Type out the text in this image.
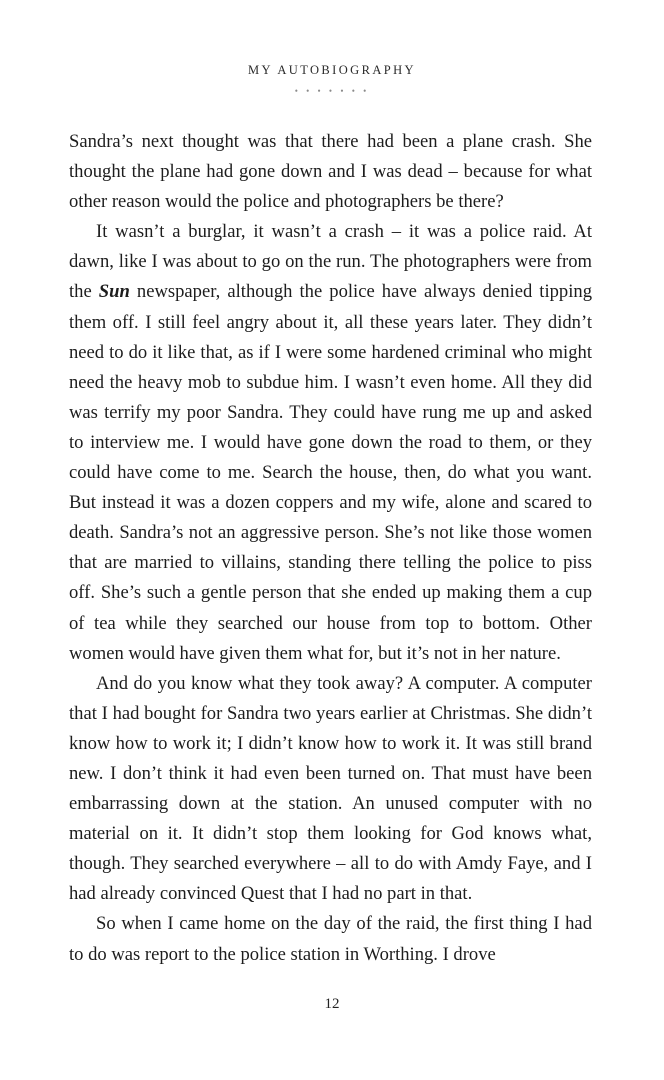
MY AUTOBIOGRAPHY
• • • • • • •

Sandra’s next thought was that there had been a plane crash. She thought the plane had gone down and I was dead – because for what other reason would the police and photographers be there?

It wasn’t a burglar, it wasn’t a crash – it was a police raid. At dawn, like I was about to go on the run. The photographers were from the Sun newspaper, although the police have always denied tipping them off. I still feel angry about it, all these years later. They didn’t need to do it like that, as if I were some hardened criminal who might need the heavy mob to subdue him. I wasn’t even home. All they did was terrify my poor Sandra. They could have rung me up and asked to interview me. I would have gone down the road to them, or they could have come to me. Search the house, then, do what you want. But instead it was a dozen coppers and my wife, alone and scared to death. Sandra’s not an aggressive person. She’s not like those women that are married to villains, standing there telling the police to piss off. She’s such a gentle person that she ended up making them a cup of tea while they searched our house from top to bottom. Other women would have given them what for, but it’s not in her nature.

And do you know what they took away? A computer. A computer that I had bought for Sandra two years earlier at Christmas. She didn’t know how to work it; I didn’t know how to work it. It was still brand new. I don’t think it had even been turned on. That must have been embarrassing down at the station. An unused computer with no material on it. It didn’t stop them looking for God knows what, though. They searched everywhere – all to do with Amdy Faye, and I had already convinced Quest that I had no part in that.

So when I came home on the day of the raid, the first thing I had to do was report to the police station in Worthing. I drove

12
